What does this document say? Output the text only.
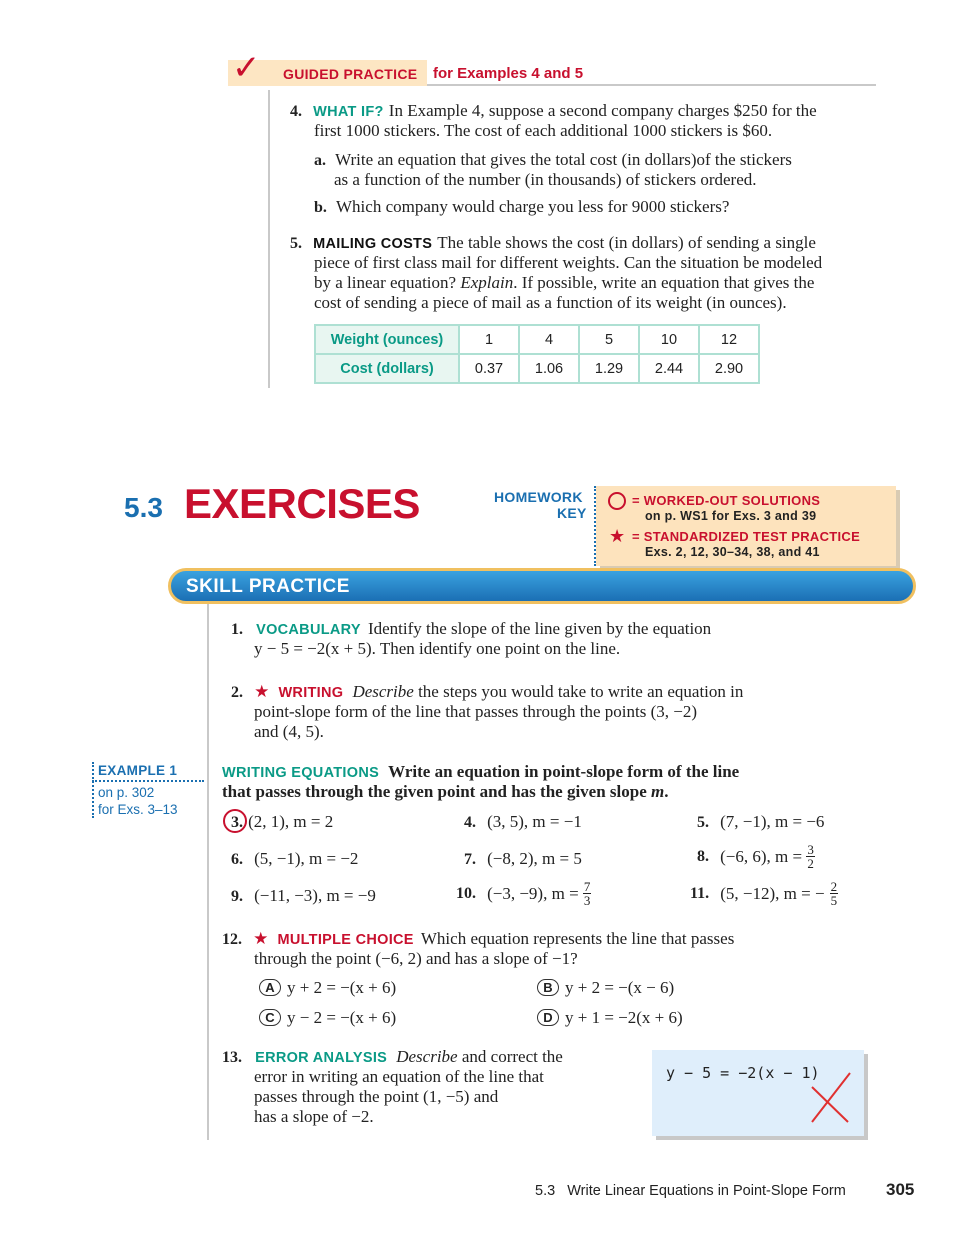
✓ GUIDED PRACTICE for Examples 4 and 5
4. WHAT IF? In Example 4, suppose a second company charges $250 for the
first 1000 stickers. The cost of each additional 1000 stickers is $60.
a. Write an equation that gives the total cost (in dollars)of the stickers
as a function of the number (in thousands) of stickers ordered.
b. Which company would charge you less for 9000 stickers?
5. MAILING COSTS The table shows the cost (in dollars) of sending a single
piece of first class mail for different weights. Can the situation be modeled
by a linear equation? Explain. If possible, write an equation that gives the
cost of sending a piece of mail as a function of its weight (in ounces).
Weight (ounces)	1	4	5	10	12
Cost (dollars)	0.37	1.06	1.29	2.44	2.90
5.3 EXERCISES	HOMEWORK
KEY
= WORKED-OUT SOLUTIONS
on p. WS1 for Exs. 3 and 39
★ = STANDARDIZED TEST PRACTICE
Exs. 2, 12, 30–34, 38, and 41
SKILL PRACTICE
1. VOCABULARY Identify the slope of the line given by the equation
y − 5 = −2(x + 5). Then identify one point on the line.
2. ★ WRITING Describe the steps you would take to write an equation in
point-slope form of the line that passes through the points (3, −2)
and (4, 5).
EXAMPLE 1
on p. 302
for Exs. 3–13
WRITING EQUATIONS Write an equation in point-slope form of the line
that passes through the given point and has the given slope m.
3. (2, 1), m = 2	4. (3, 5), m = −1	5. (7, −1), m = −6
6. (5, −1), m = −2	7. (−8, 2), m = 5	8. (−6, 6), $m = \frac{3}{2}$
9. (−11, −3), m = −9	10. (−3, −9), $m = \frac{7}{3}$	11. (5, −12), m = − $\frac{2}{5}$
12. ★ MULTIPLE CHOICE Which equation represents the line that passes
through the point (−6, 2) and has a slope of −1?
A y + 2 = −(x + 6)	B y + 2 = −(x − 6)
C y − 2 = −(x + 6)	D y + 1 = −2(x + 6)
13. ERROR ANALYSIS Describe and correct the
error in writing an equation of the line that
passes through the point (1, −5) and
has a slope of −2.
y − 5 = −2(x − 1)
5.3   Write Linear Equations in Point-Slope Form 305
